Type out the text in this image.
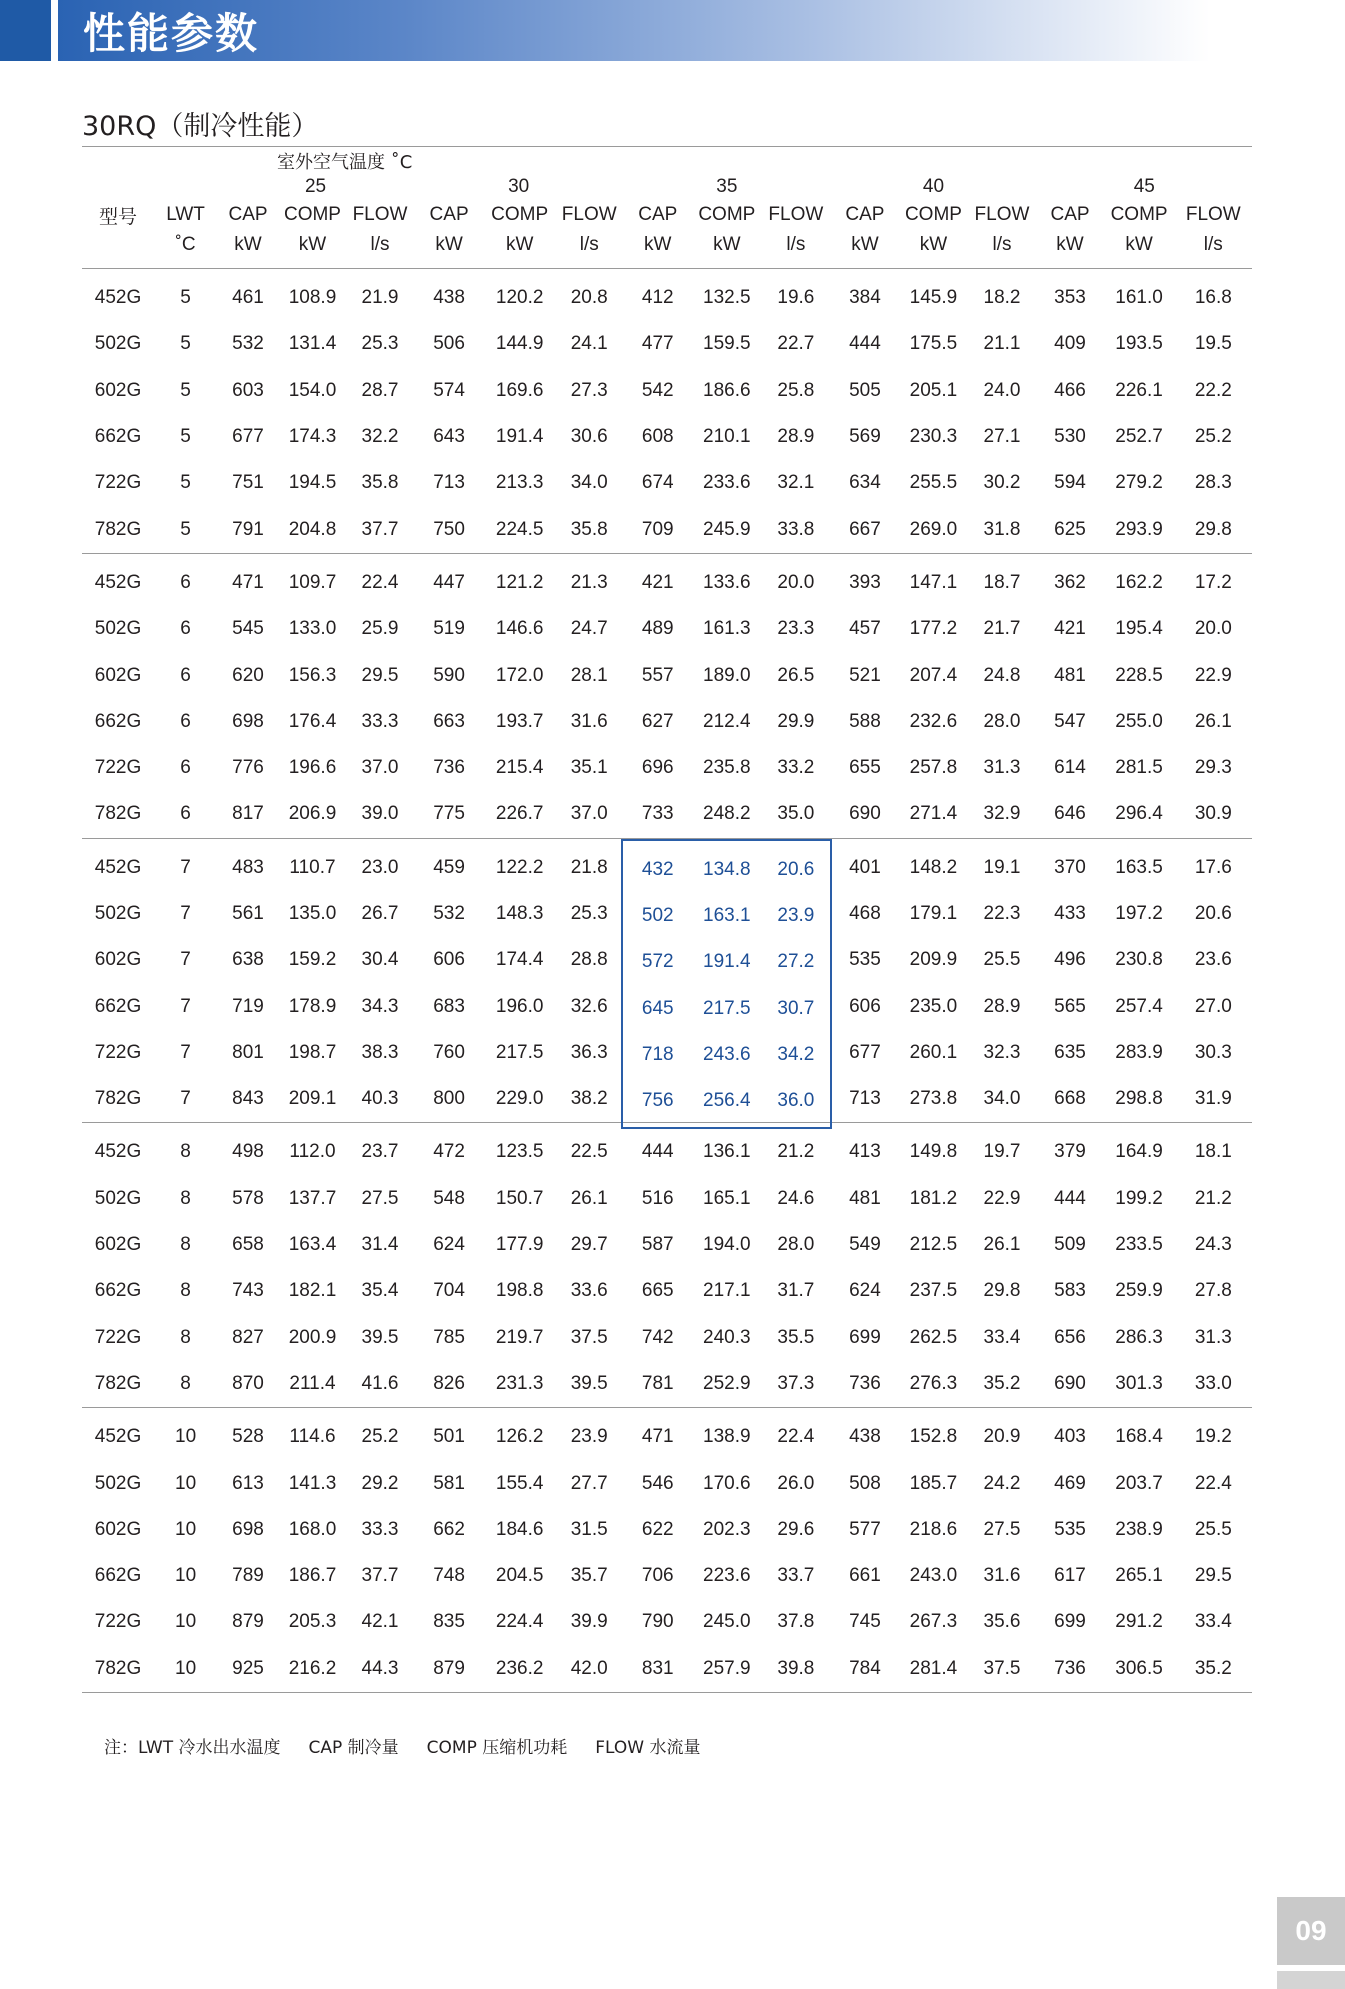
性能参数
30RQ（制冷性能）
		室外空气温度 ˚C														
		25			30			35			40			45		
型号	LWT	CAP	COMP	FLOW	CAP	COMP	FLOW	CAP	COMP	FLOW	CAP	COMP	FLOW	CAP	COMP	FLOW
	˚C	kW	kW	l/s	kW	kW	l/s	kW	kW	l/s	kW	kW	l/s	kW	kW	l/s

452G	5	461	108.9	21.9	438	120.2	20.8	412	132.5	19.6	384	145.9	18.2	353	161.0	16.8
502G	5	532	131.4	25.3	506	144.9	24.1	477	159.5	22.7	444	175.5	21.1	409	193.5	19.5
602G	5	603	154.0	28.7	574	169.6	27.3	542	186.6	25.8	505	205.1	24.0	466	226.1	22.2
662G	5	677	174.3	32.2	643	191.4	30.6	608	210.1	28.9	569	230.3	27.1	530	252.7	25.2
722G	5	751	194.5	35.8	713	213.3	34.0	674	233.6	32.1	634	255.5	30.2	594	279.2	28.3
782G	5	791	204.8	37.7	750	224.5	35.8	709	245.9	33.8	667	269.0	31.8	625	293.9	29.8
452G	6	471	109.7	22.4	447	121.2	21.3	421	133.6	20.0	393	147.1	18.7	362	162.2	17.2
502G	6	545	133.0	25.9	519	146.6	24.7	489	161.3	23.3	457	177.2	21.7	421	195.4	20.0
602G	6	620	156.3	29.5	590	172.0	28.1	557	189.0	26.5	521	207.4	24.8	481	228.5	22.9
662G	6	698	176.4	33.3	663	193.7	31.6	627	212.4	29.9	588	232.6	28.0	547	255.0	26.1
722G	6	776	196.6	37.0	736	215.4	35.1	696	235.8	33.2	655	257.8	31.3	614	281.5	29.3
782G	6	817	206.9	39.0	775	226.7	37.0	733	248.2	35.0	690	271.4	32.9	646	296.4	30.9
452G	7	483	110.7	23.0	459	122.2	21.8	432	134.8	20.6	401	148.2	19.1	370	163.5	17.6
502G	7	561	135.0	26.7	532	148.3	25.3	502	163.1	23.9	468	179.1	22.3	433	197.2	20.6
602G	7	638	159.2	30.4	606	174.4	28.8	572	191.4	27.2	535	209.9	25.5	496	230.8	23.6
662G	7	719	178.9	34.3	683	196.0	32.6	645	217.5	30.7	606	235.0	28.9	565	257.4	27.0
722G	7	801	198.7	38.3	760	217.5	36.3	718	243.6	34.2	677	260.1	32.3	635	283.9	30.3
782G	7	843	209.1	40.3	800	229.0	38.2	756	256.4	36.0	713	273.8	34.0	668	298.8	31.9
452G	8	498	112.0	23.7	472	123.5	22.5	444	136.1	21.2	413	149.8	19.7	379	164.9	18.1
502G	8	578	137.7	27.5	548	150.7	26.1	516	165.1	24.6	481	181.2	22.9	444	199.2	21.2
602G	8	658	163.4	31.4	624	177.9	29.7	587	194.0	28.0	549	212.5	26.1	509	233.5	24.3
662G	8	743	182.1	35.4	704	198.8	33.6	665	217.1	31.7	624	237.5	29.8	583	259.9	27.8
722G	8	827	200.9	39.5	785	219.7	37.5	742	240.3	35.5	699	262.5	33.4	656	286.3	31.3
782G	8	870	211.4	41.6	826	231.3	39.5	781	252.9	37.3	736	276.3	35.2	690	301.3	33.0
452G	10	528	114.6	25.2	501	126.2	23.9	471	138.9	22.4	438	152.8	20.9	403	168.4	19.2
502G	10	613	141.3	29.2	581	155.4	27.7	546	170.6	26.0	508	185.7	24.2	469	203.7	22.4
602G	10	698	168.0	33.3	662	184.6	31.5	622	202.3	29.6	577	218.6	27.5	535	238.9	25.5
662G	10	789	186.7	37.7	748	204.5	35.7	706	223.6	33.7	661	243.0	31.6	617	265.1	29.5
722G	10	879	205.3	42.1	835	224.4	39.9	790	245.0	37.8	745	267.3	35.6	699	291.2	33.4
782G	10	925	216.2	44.3	879	236.2	42.0	831	257.9	39.8	784	281.4	37.5	736	306.5	35.2
注：LWT 冷水出水温度 CAP 制冷量 COMP 压缩机功耗 FLOW 水流量
09
